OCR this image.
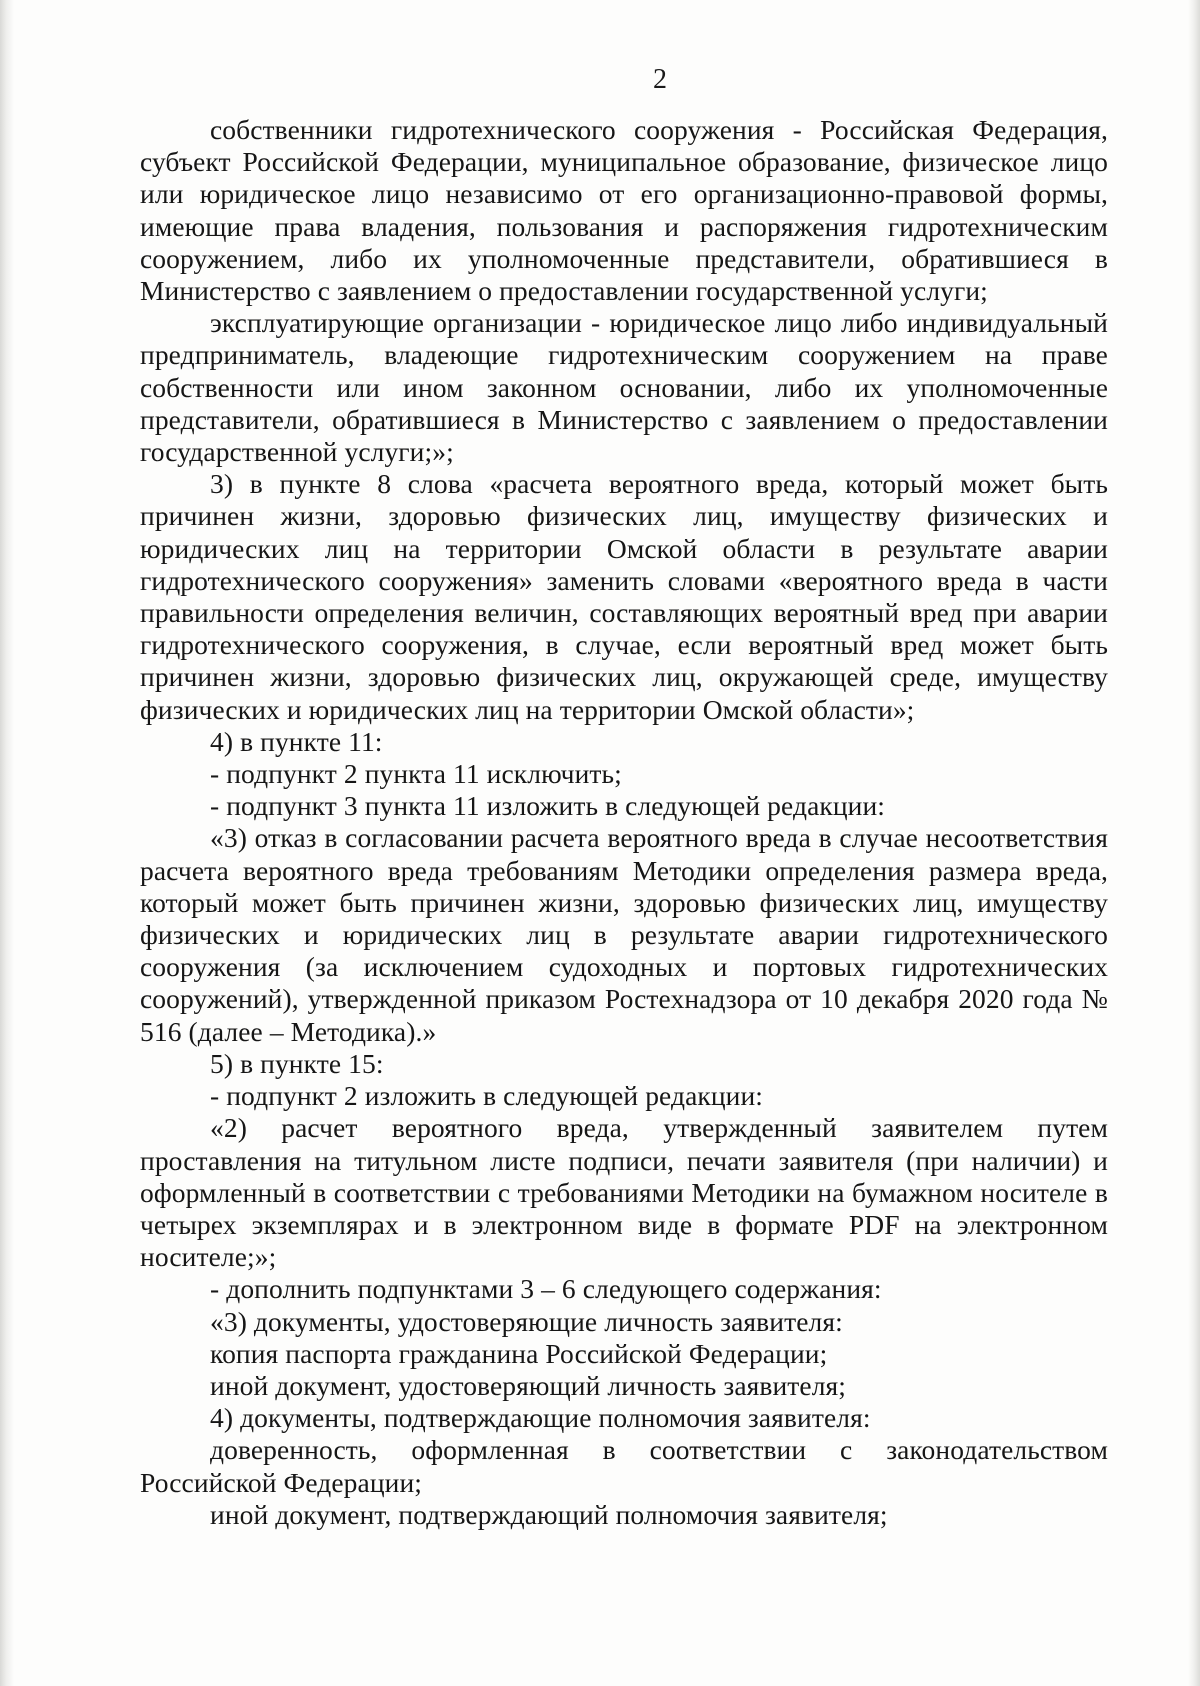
2

собственники гидротехнического сооружения - Российская Федерация, субъект Российской Федерации, муниципальное образование, физическое лицо или юридическое лицо независимо от его организационно-правовой формы, имеющие права владения, пользования и распоряжения гидротехническим сооружением, либо их уполномоченные представители, обратившиеся в Министерство с заявлением о предоставлении государственной услуги;

эксплуатирующие организации - юридическое лицо либо индивидуальный предприниматель, владеющие гидротехническим сооружением на праве собственности или ином законном основании, либо их уполномоченные представители, обратившиеся в Министерство с заявлением о предоставлении государственной услуги;»;

3) в пункте 8 слова «расчета вероятного вреда, который может быть причинен жизни, здоровью физических лиц, имуществу физических и юридических лиц на территории Омской области в результате аварии гидротехнического сооружения» заменить словами «вероятного вреда в части правильности определения величин, составляющих вероятный вред при аварии гидротехнического сооружения, в случае, если вероятный вред может быть причинен жизни, здоровью физических лиц, окружающей среде, имуществу физических и юридических лиц на территории Омской области»;

4) в пункте 11:

- подпункт 2 пункта 11 исключить;

- подпункт 3 пункта 11 изложить в следующей редакции:

«3) отказ в согласовании расчета вероятного вреда в случае несоответствия расчета вероятного вреда требованиям Методики определения размера вреда, который может быть причинен жизни, здоровью физических лиц, имуществу физических и юридических лиц в результате аварии гидротехнического сооружения (за исключением судоходных и портовых гидротехнических сооружений), утвержденной приказом Ростехнадзора от 10 декабря 2020 года № 516 (далее – Методика).»

5) в пункте 15:

- подпункт 2 изложить в следующей редакции:

«2) расчет вероятного вреда, утвержденный заявителем путем проставления на титульном листе подписи, печати заявителя (при наличии) и оформленный в соответствии с требованиями Методики на бумажном носителе в четырех экземплярах и в электронном виде в формате PDF на электронном носителе;»;

- дополнить подпунктами 3 – 6 следующего содержания:

«3) документы, удостоверяющие личность заявителя:

копия паспорта гражданина Российской Федерации;

иной документ, удостоверяющий личность заявителя;

4) документы, подтверждающие полномочия заявителя:

доверенность, оформленная в соответствии с законодательством Российской Федерации;

иной документ, подтверждающий полномочия заявителя;
